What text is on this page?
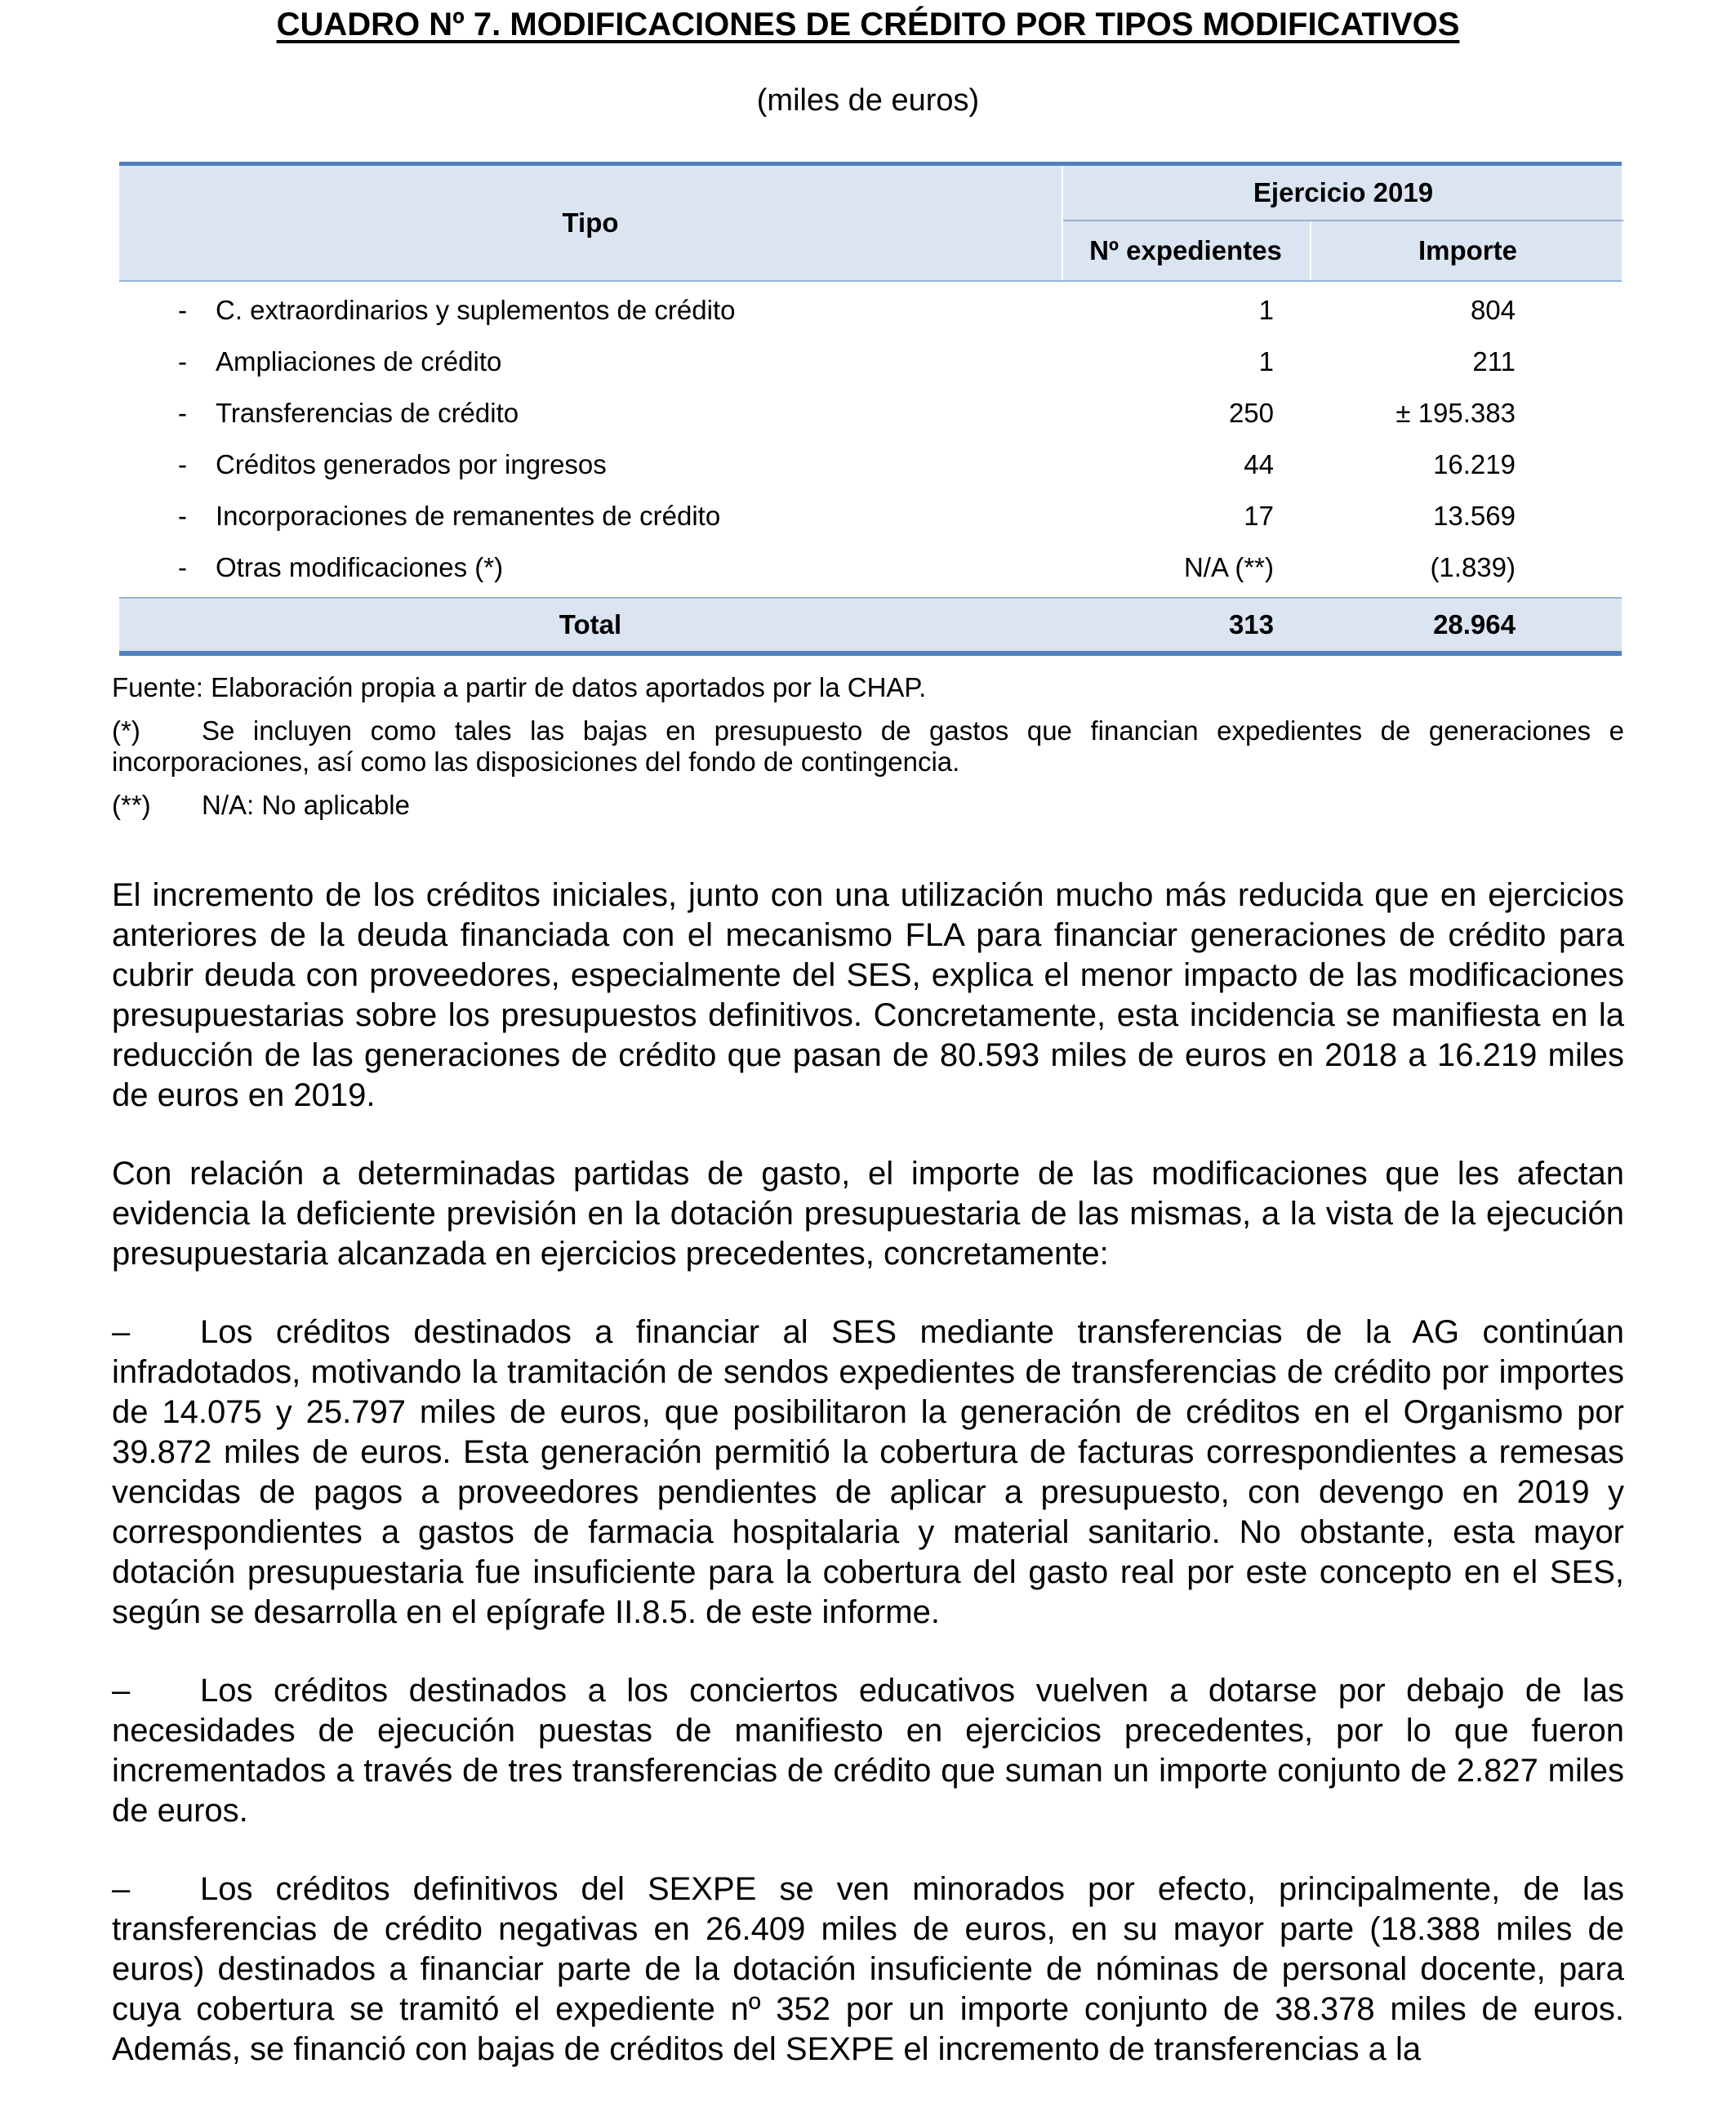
CUADRO Nº 7. MODIFICACIONES DE CRÉDITO POR TIPOS MODIFICATIVOS
(miles de euros)
Tipo
Ejercicio 2019
Nº expedientes	Importe
- C. extraordinarios y suplementos de crédito	1	804
- Ampliaciones de crédito	1	211
- Transferencias de crédito	250	± 195.383
- Créditos generados por ingresos	44	16.219
- Incorporaciones de remanentes de crédito	17	13.569
- Otras modificaciones (*)	N/A (**)	(1.839)
Total	313	28.964

Fuente: Elaboración propia a partir de datos aportados por la CHAP.

(*) Se incluyen como tales las bajas en presupuesto de gastos que financian expedientes de generaciones e incorporaciones, así como las disposiciones del fondo de contingencia.

(**) N/A: No aplicable

El incremento de los créditos iniciales, junto con una utilización mucho más reducida que en ejercicios anteriores de la deuda financiada con el mecanismo FLA para financiar generaciones de crédito para cubrir deuda con proveedores, especialmente del SES, explica el menor impacto de las modificaciones presupuestarias sobre los presupuestos definitivos. Concretamente, esta incidencia se manifiesta en la reducción de las generaciones de crédito que pasan de 80.593 miles de euros en 2018 a 16.219 miles de euros en 2019.

Con relación a determinadas partidas de gasto, el importe de las modificaciones que les afectan evidencia la deficiente previsión en la dotación presupuestaria de las mismas, a la vista de la ejecución presupuestaria alcanzada en ejercicios precedentes, concretamente:

– Los créditos destinados a financiar al SES mediante transferencias de la AG continúan infradotados, motivando la tramitación de sendos expedientes de transferencias de crédito por importes de 14.075 y 25.797 miles de euros, que posibilitaron la generación de créditos en el Organismo por 39.872 miles de euros. Esta generación permitió la cobertura de facturas correspondientes a remesas vencidas de pagos a proveedores pendientes de aplicar a presupuesto, con devengo en 2019 y correspondientes a gastos de farmacia hospitalaria y material sanitario. No obstante, esta mayor dotación presupuestaria fue insuficiente para la cobertura del gasto real por este concepto en el SES, según se desarrolla en el epígrafe II.8.5. de este informe.

– Los créditos destinados a los conciertos educativos vuelven a dotarse por debajo de las necesidades de ejecución puestas de manifiesto en ejercicios precedentes, por lo que fueron incrementados a través de tres transferencias de crédito que suman un importe conjunto de 2.827 miles de euros.

– Los créditos definitivos del SEXPE se ven minorados por efecto, principalmente, de las transferencias de crédito negativas en 26.409 miles de euros, en su mayor parte (18.388 miles de euros) destinados a financiar parte de la dotación insuficiente de nóminas de personal docente, para cuya cobertura se tramitó el expediente nº 352 por un importe conjunto de 38.378 miles de euros. Además, se financió con bajas de créditos del SEXPE el incremento de transferencias a la
